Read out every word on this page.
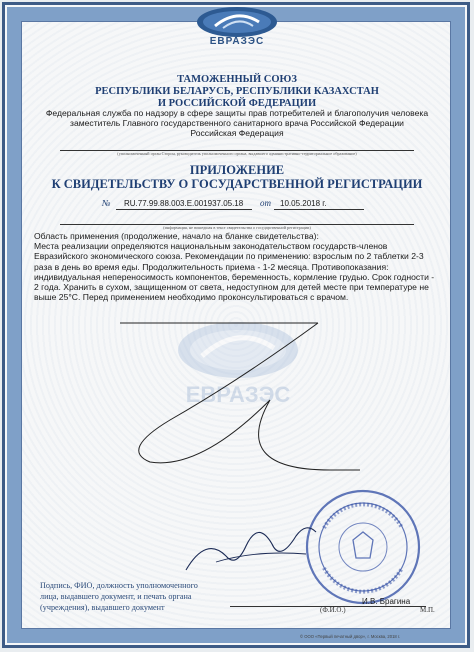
ЕВРАЗЭС
ТАМОЖЕННЫЙ СОЮЗ
РЕСПУБЛИКИ БЕЛАРУСЬ, РЕСПУБЛИКИ КАЗАХСТАН
И РОССИЙСКОЙ ФЕДЕРАЦИИ
Федеральная служба по надзору в сфере защиты прав потребителей и благополучия человека
заместитель Главного государственного санитарного врача Российской Федерации
Российская Федерация
(уполномоченный орган Сторон, руководитель уполномоченного органа, выдавшего административно-территориальное образование)
ПРИЛОЖЕНИЕ
К СВИДЕТЕЛЬСТВУ О ГОСУДАРСТВЕННОЙ РЕГИСТРАЦИИ
№ RU.77.99.88.003.Е.001937.05.18 от 10.05.2018 г.
(информация, не вошедшая в текст свидетельства о государственной регистрации)
Область применения (продолжение, начало на бланке свидетельства):
Места реализации определяются национальным законодательством государств-членов Евразийского экономического союза. Рекомендации по применению: взрослым по 2 таблетки 2-3 раза в день во время еды. Продолжительность приема - 1-2 месяца. Противопоказания: индивидуальная непереносимость компонентов, беременность, кормление грудью. Срок годности - 2 года. Хранить в сухом, защищенном от света, недоступном для детей месте при температуре не выше 25°С. Перед применением необходимо проконсультироваться с врачом.
ЕВРАЗЭС
Подпись, ФИО, должность уполномоченного
лица, выдавшего документ, и печать органа
(учреждения), выдавшего документ
И.В. Брагина
(Ф.И.О.)	М.П.
© ООО «Первый печатный двор», г. Москва, 2018 г.
